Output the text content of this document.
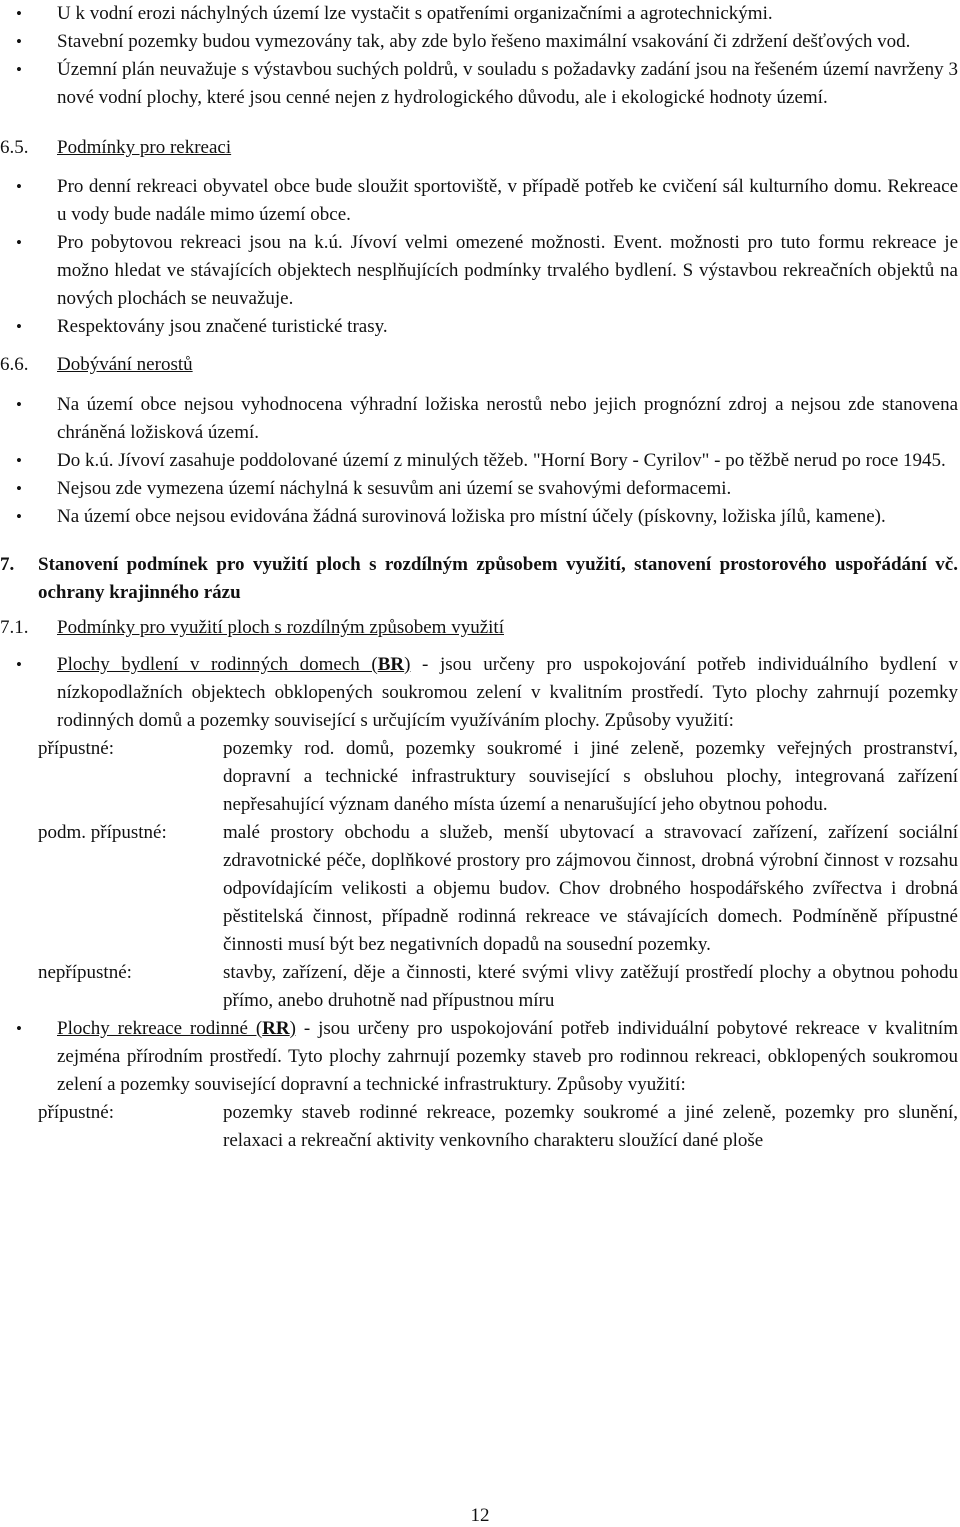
• U k vodní erozi náchylných území lze vystačit s opatřeními organizačními a agrotechnickými.
• Stavební pozemky budou vymezovány tak, aby zde bylo řešeno maximální vsakování či zdržení dešťových vod.
• Územní plán neuvažuje s výstavbou suchých poldrů, v souladu s požadavky zadání jsou na řešeném území navrženy 3 nové vodní plochy, které jsou cenné nejen z hydrologického důvodu, ale i ekologické hodnoty území.
6.5.	Podmínky pro rekreaci
• Pro denní rekreaci obyvatel obce bude sloužit sportoviště, v případě potřeb ke cvičení sál kulturního domu. Rekreace u vody bude nadále mimo území obce.
• Pro pobytovou rekreaci jsou na k.ú. Jívoví velmi omezené možnosti. Event. možnosti pro tuto formu rekreace je možno hledat ve stávajících objektech nesplňujících podmínky trvalého bydlení. S výstavbou rekreačních objektů na nových plochách se neuvažuje.
• Respektovány jsou značené turistické trasy.
6.6.	Dobývání nerostů
• Na území obce nejsou vyhodnocena výhradní ložiska nerostů nebo jejich prognózní zdroj a nejsou zde stanovena chráněná ložisková území.
• Do k.ú. Jívoví zasahuje poddolované území z minulých těžeb. "Horní Bory - Cyrilov" - po těžbě nerud po roce 1945.
• Nejsou zde vymezena území náchylná k sesuvům ani území se svahovými deformacemi.
• Na území obce nejsou evidována žádná surovinová ložiska pro místní účely (pískovny, ložiska jílů, kamene).
7.	Stanovení podmínek pro využití ploch s rozdílným způsobem využití, stanovení prostorového uspořádání vč. ochrany krajinného rázu
7.1.	Podmínky pro využití ploch s rozdílným způsobem využití
• Plochy bydlení v rodinných domech (BR) - jsou určeny pro uspokojování potřeb individuálního bydlení v nízkopodlažních objektech obklopených soukromou zelení v kvalitním prostředí. Tyto plochy zahrnují pozemky rodinných domů a pozemky související s určujícím využíváním plochy. Způsoby využití:
přípustné:	pozemky rod. domů, pozemky soukromé i jiné zeleně, pozemky veřejných prostranství, dopravní a technické infrastruktury související s obsluhou plochy, integrovaná zařízení nepřesahující význam daného místa území a nenarušující jeho obytnou pohodu.
podm. přípustné:	malé prostory obchodu a služeb, menší ubytovací a stravovací zařízení, zařízení sociální zdravotnické péče, doplňkové prostory pro zájmovou činnost, drobná výrobní činnost v rozsahu odpovídajícím velikosti a objemu budov. Chov drobného hospodářského zvířectva i drobná pěstitelská činnost, případně rodinná rekreace ve stávajících domech. Podmíněně přípustné činnosti musí být bez negativních dopadů na sousední pozemky.
nepřípustné:	stavby, zařízení, děje a činnosti, které svými vlivy zatěžují prostředí plochy a obytnou pohodu přímo, anebo druhotně nad přípustnou míru
• Plochy rekreace rodinné (RR) - jsou určeny pro uspokojování potřeb individuální pobytové rekreace v kvalitním zejména přírodním prostředí. Tyto plochy zahrnují pozemky staveb pro rodinnou rekreaci, obklopených soukromou zelení a pozemky související dopravní a technické infrastruktury. Způsoby využití:
přípustné:	pozemky staveb rodinné rekreace, pozemky soukromé a jiné zeleně, pozemky pro slunění, relaxaci a rekreační aktivity venkovního charakteru sloužící dané ploše
12
